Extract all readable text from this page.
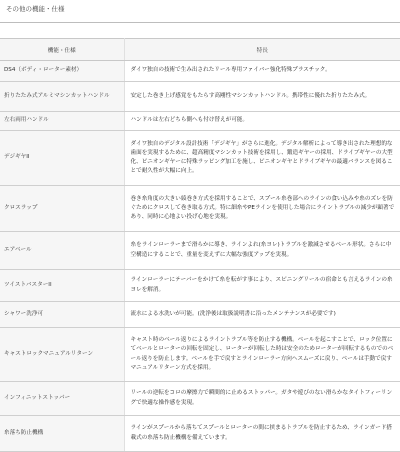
その他の機能・仕様
機能・仕様	特長
DS4（ボディ・ローター素材）	ダイワ独自の技術で生み出されたリール専用ファイバー強化特殊プラスチック。
折りたたみ式アルミマシンカットハンドル	安定した巻き上げ感覚をもたらす高剛性マシンカットハンドル。携帯性に優れた折りたたみ式。
左右両用ハンドル	ハンドルは左右どちら側へも付け替えが可能。
デジギヤII	ダイワ独自のデジタル設計技術「デジギヤ」がさらに進化。デジタル解析によって導き出された理想的な歯面を実現するために、超高精度マシンカット技術を採用し、鍛造ギヤーの採用、ドライブギヤーの大型化、ピニオンギヤーに特殊ラッピング加工を施し、ピニオンギヤとドライブギヤの最適バランスを図ることで耐久性が大幅に向上。
クロスラップ	巻き糸角度の大きい綾巻き方式を採用することで、スプール糸巻部へのラインの食い込みや糸のズレを防ぐためにクロスして巻き取る方式。特に細糸やPEラインを使用した場合にライントラブルの減少が顕著であり、同時に心地よい投げ心地を実現。
エアベール	糸をラインローラーまで滑らかに導き、ラインよれ(糸ヨレ)トラブルを激減させるベール形状。さらに中空構造にすることで、重量を変えずに大幅な強度アップを実現。
ツイストバスターII	ラインローラーにテーパーをかけて糸を転がす事により、スピニングリールの宿命とも言えるラインの糸ヨレを解消。
シャワー洗浄可	流水による水洗いが可能。(洗浄後は取扱説明書に沿ったメンテナンスが必要です)
キャストロックマニュアルリターン	キャスト時のベール返りによるライントラブル等を防止する機構。ベールを起こすことで、ロック位置にてベールとローターの回転を固定し、ローターが回転した時は安全のためローターが回転するものでのベール返りを防止します。ベールを手で戻すとラインローラー方向へスムーズに戻り、ベールは手動で戻すマニュアルリターン方式を採用。
インフィニットストッパー	リールの逆転をコロの摩擦力で瞬間的に止めるストッパー。ガタや遊びのない滑らかなタイトフィーリングで快適な操作感を実現。
糸落ち防止機構	ラインがスプールから落ちてスプールとローターの間に挟まるトラブルを防止するため、ラインガード搭載式の糸落ち防止機構を備えています。
